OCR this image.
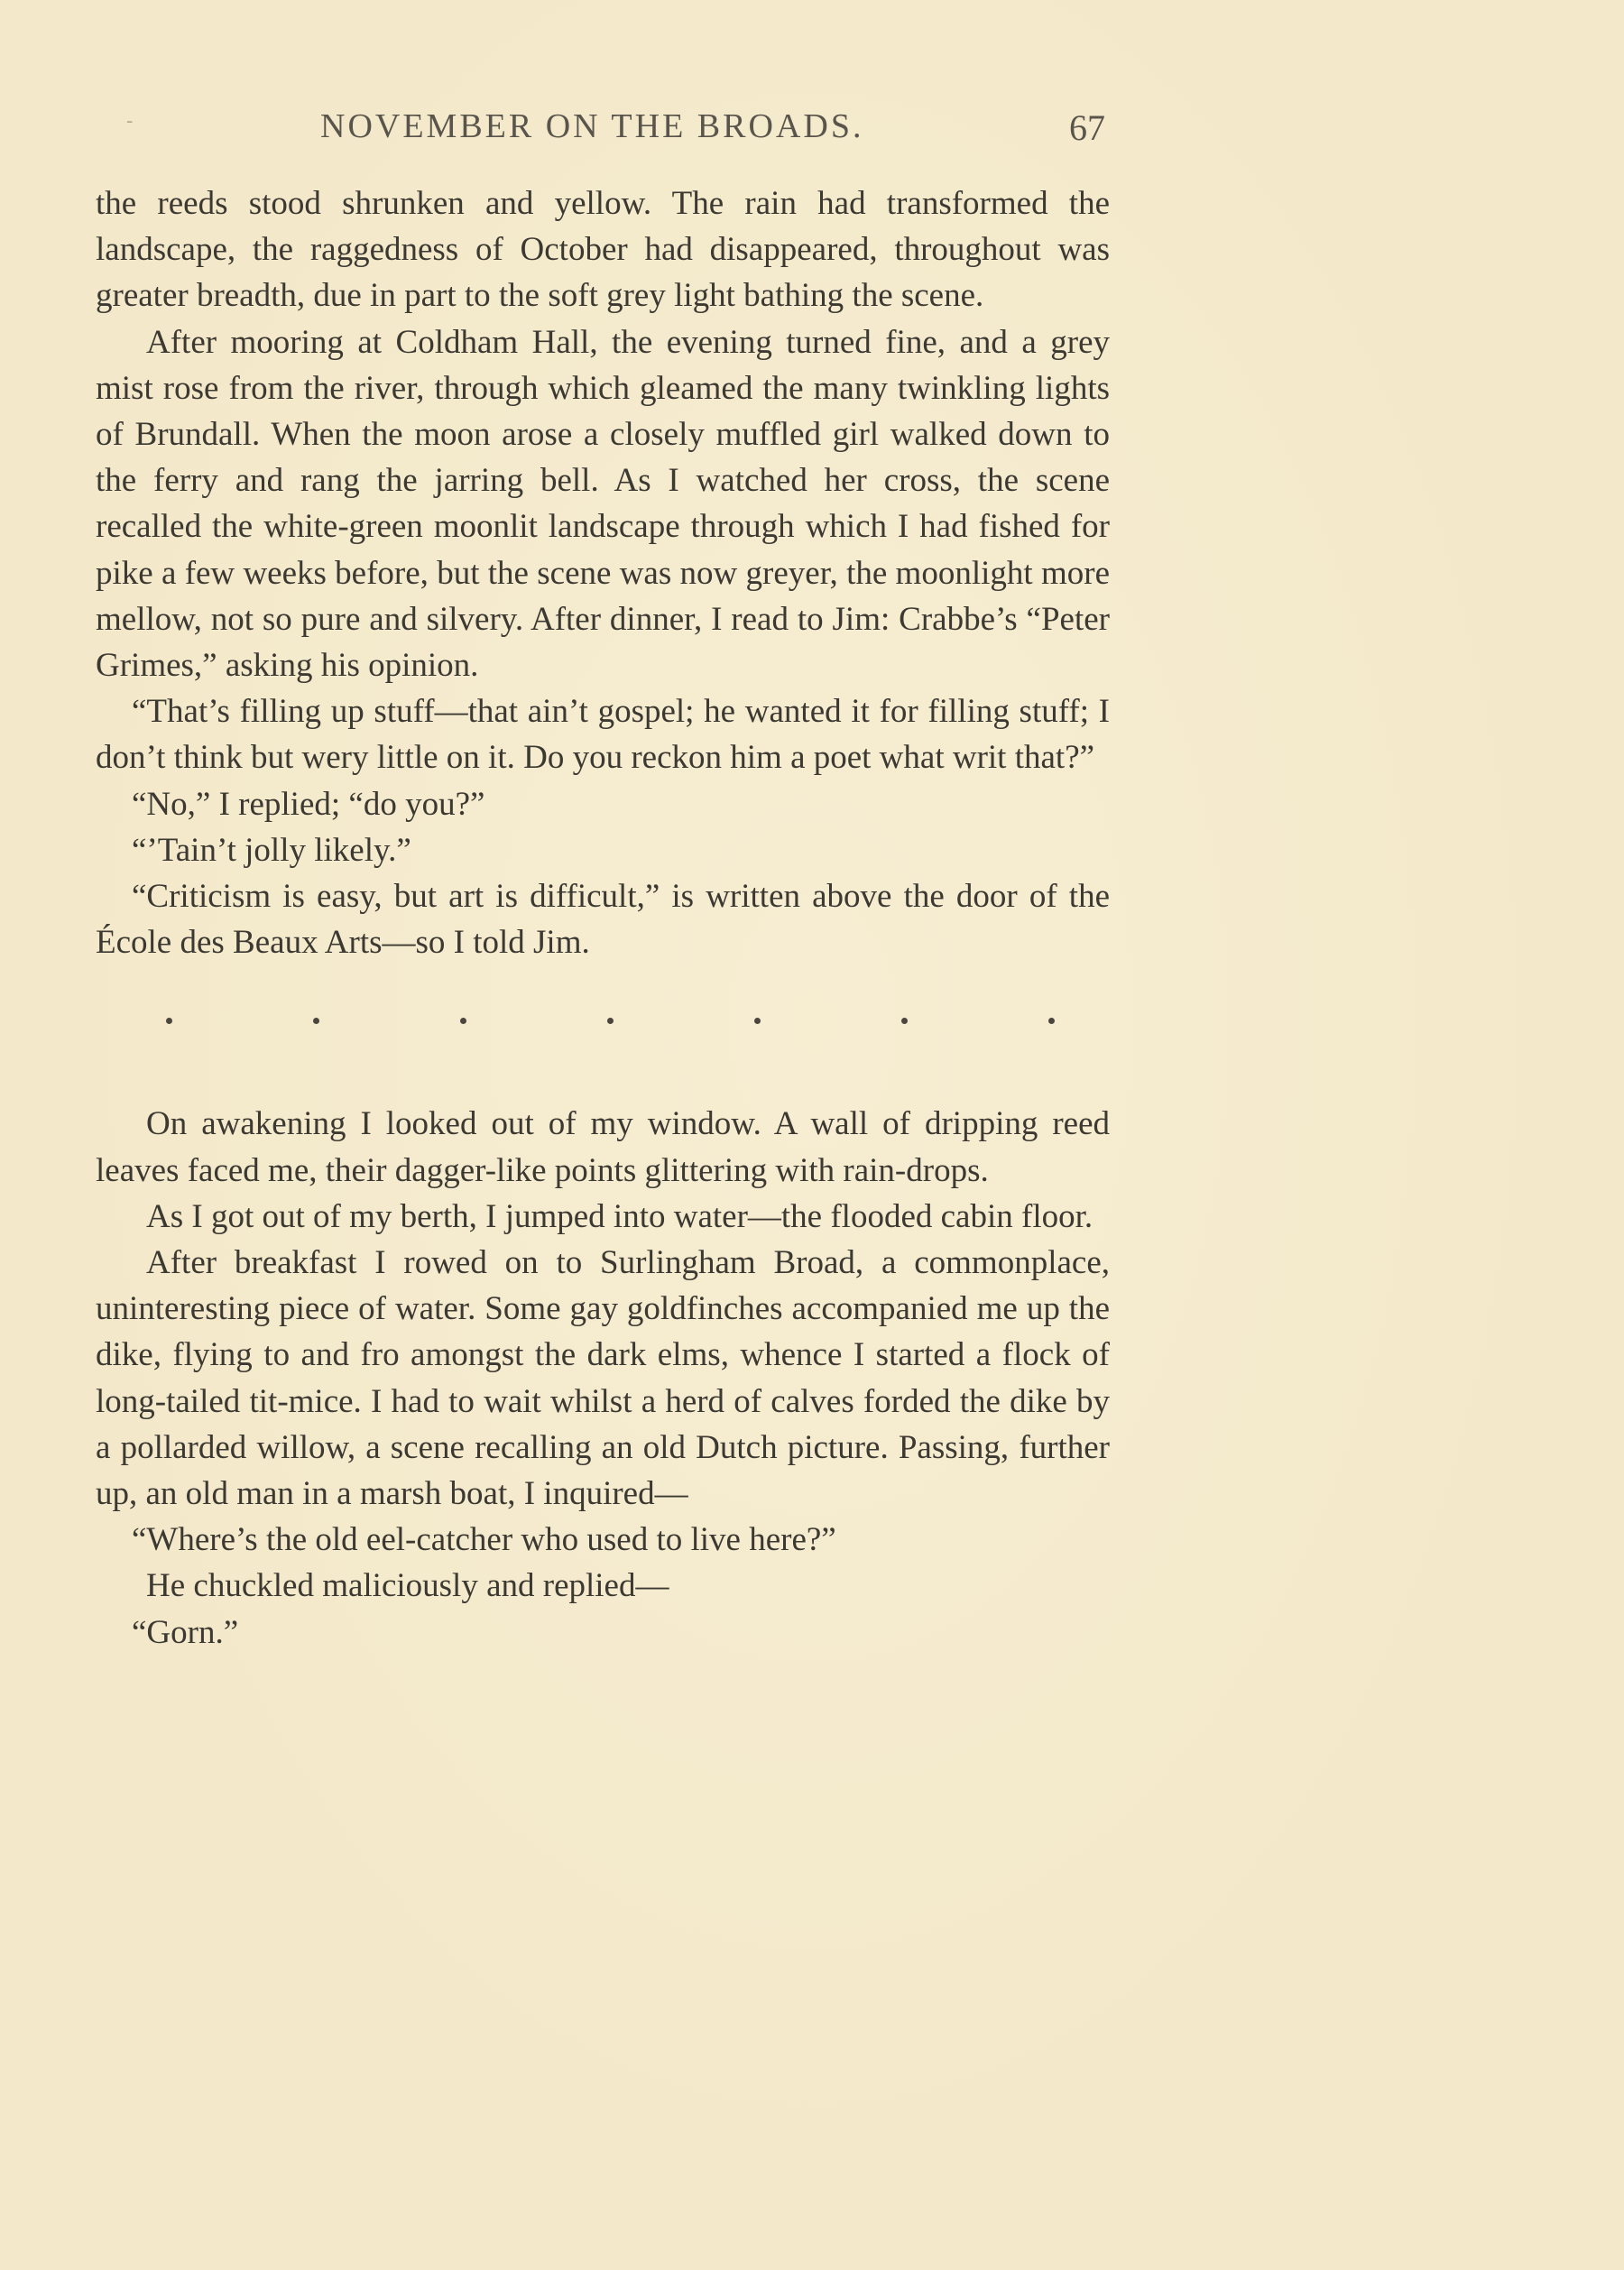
-	NOVEMBER ON THE BROADS.	67

the reeds stood shrunken and yellow. The rain had transformed the landscape, the raggedness of October had disappeared, throughout was greater breadth, due in part to the soft grey light bathing the scene.

After mooring at Coldham Hall, the evening turned fine, and a grey mist rose from the river, through which gleamed the many twinkling lights of Brundall. When the moon arose a closely muffled girl walked down to the ferry and rang the jarring bell. As I watched her cross, the scene recalled the white-green moonlit landscape through which I had fished for pike a few weeks before, but the scene was now greyer, the moonlight more mellow, not so pure and silvery. After dinner, I read to Jim: Crabbe’s “Peter Grimes,” asking his opinion.

“That’s filling up stuff—that ain’t gospel; he wanted it for filling stuff; I don’t think but wery little on it. Do you reckon him a poet what writ that?”

“No,” I replied; “do you?”

“’Tain’t jolly likely.”

“Criticism is easy, but art is difficult,” is written above the door of the École des Beaux Arts—so I told Jim.

On awakening I looked out of my window. A wall of dripping reed leaves faced me, their dagger-like points glittering with rain-drops.

As I got out of my berth, I jumped into water—the flooded cabin floor.

After breakfast I rowed on to Surlingham Broad, a commonplace, uninteresting piece of water. Some gay goldfinches accompanied me up the dike, flying to and fro amongst the dark elms, whence I started a flock of long-tailed tit-mice. I had to wait whilst a herd of calves forded the dike by a pollarded willow, a scene recalling an old Dutch picture. Passing, further up, an old man in a marsh boat, I inquired—

“Where’s the old eel-catcher who used to live here?”

He chuckled maliciously and replied—

“Gorn.”
